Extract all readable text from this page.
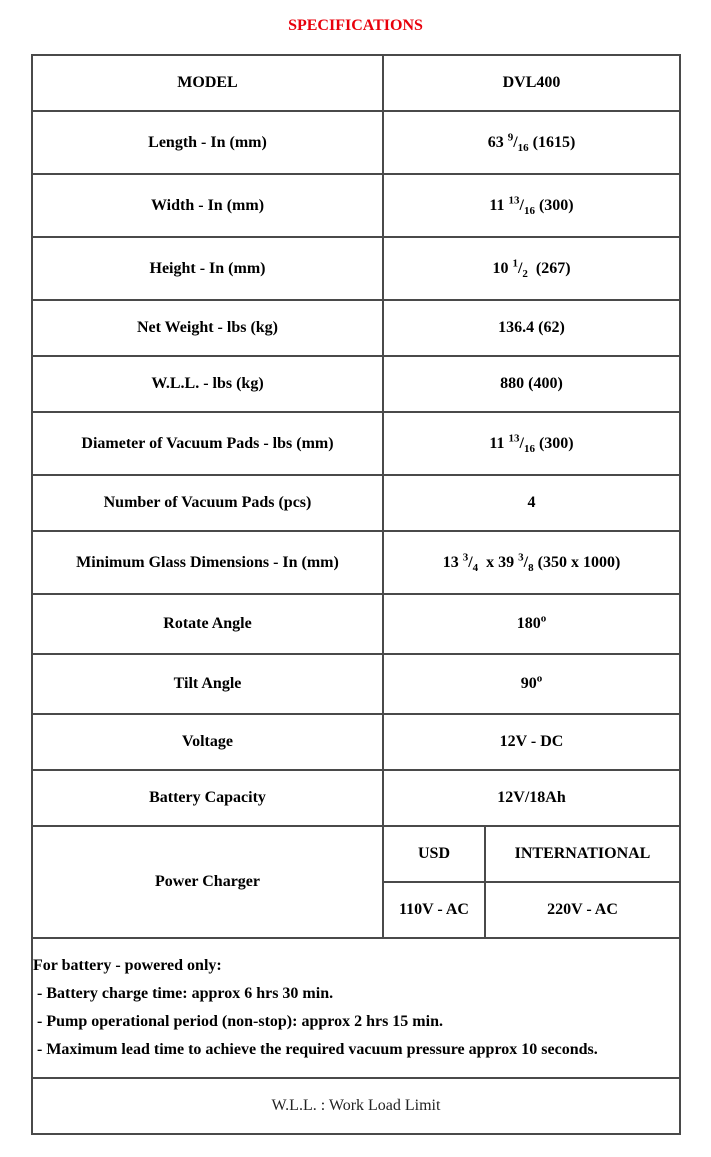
SPECIFICATIONS
MODEL	DVL400	
Length - In (mm)	63 $^9/_{16}$ (1615)	
Width - In (mm)	11 $^{13}/_{16}$ (300)	
Height - In (mm)	10 $^1/_2$  (267)	
Net Weight - lbs (kg)	136.4 (62)	
W.L.L. - lbs (kg)	880 (400)	
Diameter of Vacuum Pads - lbs (mm)	11 $^{13}/_{16}$ (300)	
Number of Vacuum Pads (pcs)	4	
Minimum Glass Dimensions - In (mm)	13 $^3/_4$  x 39 $^3/_8$ (350 x 1000)	
Rotate Angle	180$^o$
Tilt Angle	90$^o$
Voltage	12V - DC	
Battery Capacity	12V/18Ah	
Power Charger	USD	INTERNATIONAL
	110V - AC	220V - AC

For battery - powered only:
- Battery charge time: approx 6 hrs 30 min.
- Pump operational period (non-stop): approx 2 hrs 15 min.
- Maximum lead time to achieve the required vacuum pressure approx 10 seconds.		

W.L.L. : Work Load Limit		
